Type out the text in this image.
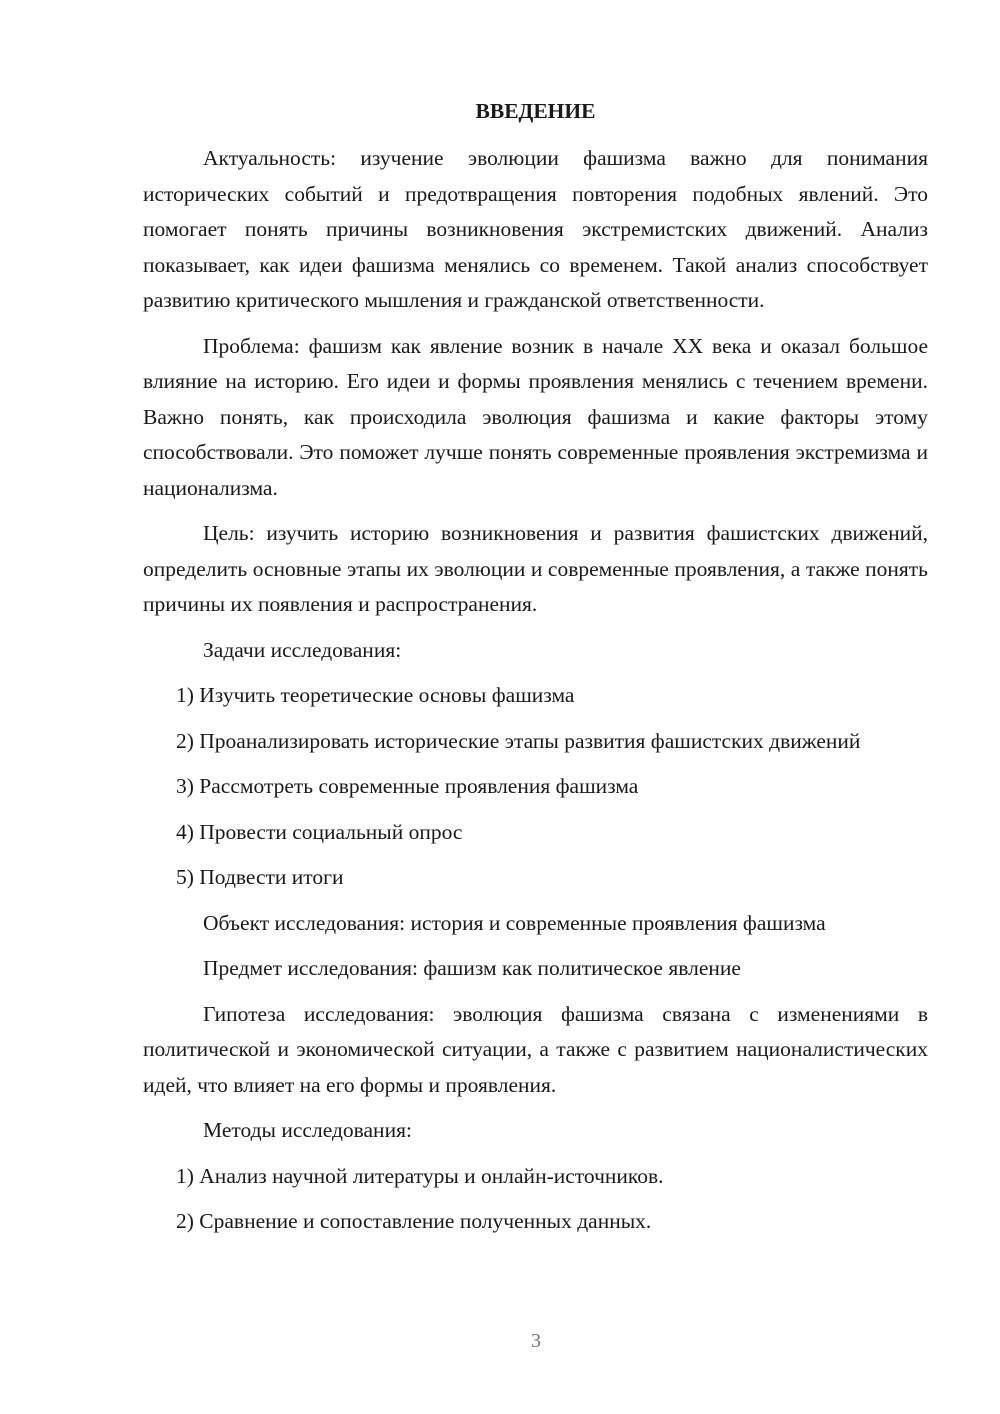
ВВЕДЕНИЕ

Актуальность: изучение эволюции фашизма важно для понимания исторических событий и предотвращения повторения подобных явлений. Это помогает понять причины возникновения экстремистских движений. Анализ показывает, как идеи фашизма менялись со временем. Такой анализ способствует развитию критического мышления и гражданской ответственности.

Проблема: фашизм как явление возник в начале XX века и оказал большое влияние на историю. Его идеи и формы проявления менялись с течением времени. Важно понять, как происходила эволюция фашизма и какие факторы этому способствовали. Это поможет лучше понять современные проявления экстремизма и национализма.

Цель: изучить историю возникновения и развития фашистских движений, определить основные этапы их эволюции и современные проявления, а также понять причины их появления и распространения.

Задачи исследования:
1) Изучить теоретические основы фашизма
2) Проанализировать исторические этапы развития фашистских движений
3) Рассмотреть современные проявления фашизма
4) Провести социальный опрос
5) Подвести итоги
Объект исследования: история и современные проявления фашизма
Предмет исследования: фашизм как политическое явление

Гипотеза исследования: эволюция фашизма связана с изменениями в политической и экономической ситуации, а также с развитием националистических идей, что влияет на его формы и проявления.

Методы исследования:
1) Анализ научной литературы и онлайн-источников.
2) Сравнение и сопоставление полученных данных.
3
